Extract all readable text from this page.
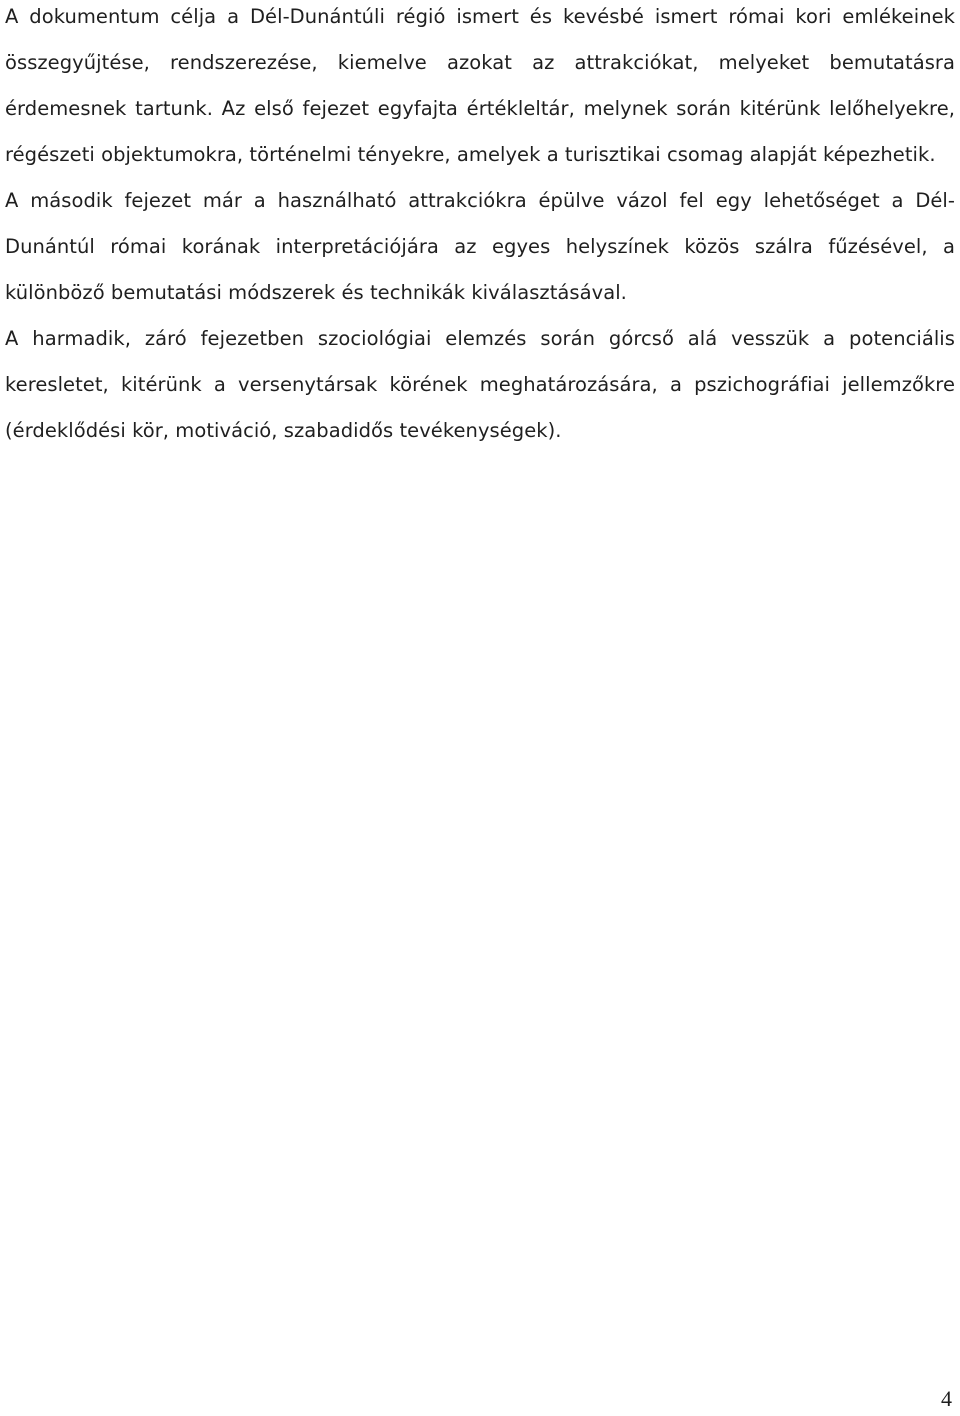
A dokumentum célja a Dél-Dunántúli régió ismert és kevésbé ismert római kori emlékeinek összegyűjtése, rendszerezése, kiemelve azokat az attrakciókat, melyeket bemutatásra érdemesnek tartunk. Az első fejezet egyfajta értékleltár, melynek során kitérünk lelőhelyekre, régészeti objektumokra, történelmi tényekre, amelyek a turisztikai csomag alapját képezhetik.

A második fejezet már a használható attrakciókra épülve vázol fel egy lehetőséget a Dél-Dunántúl római korának interpretációjára az egyes helyszínek közös szálra fűzésével, a különböző bemutatási módszerek és technikák kiválasztásával.

A harmadik, záró fejezetben szociológiai elemzés során górcső alá vesszük a potenciális keresletet, kitérünk a versenytársak körének meghatározására, a pszichográfiai jellemzőkre (érdeklődési kör, motiváció, szabadidős tevékenységek).

4
